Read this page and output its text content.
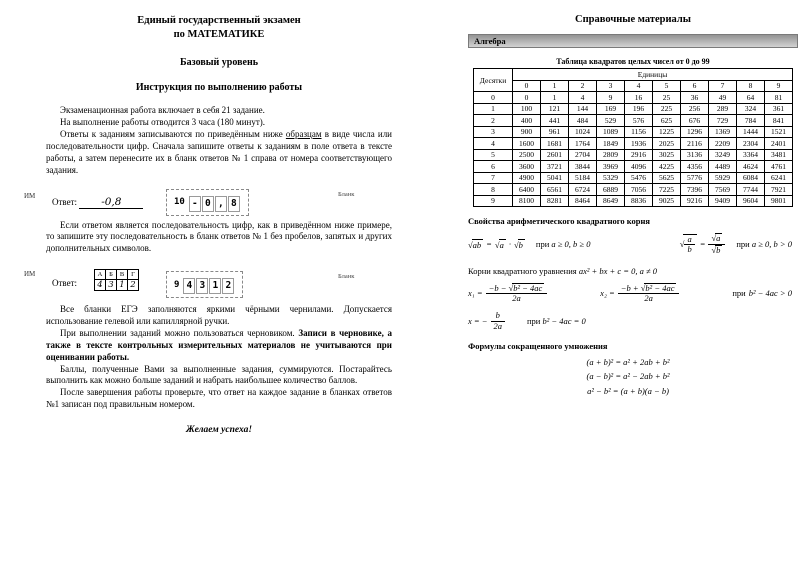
Единый государственный экзамен
по МАТЕМАТИКЕ
Базовый уровень
Инструкция по выполнению работы

Экзаменационная работа включает в себя 21 задание.

На выполнение работы отводится 3 часа (180 минут).

Ответы к заданиям записываются по приведённым ниже образцам в виде числа или последовательности цифр. Сначала запишите ответы к заданиям в поле ответа в тексте работы, а затем перенесите их в бланк ответов № 1 справа от номера соответствующего задания.

ИМ
Ответ: -0,8	10 - 0 , 8
Бланк

Если ответом является последовательность цифр, как в приведённом ниже примере, то запишите эту последовательность в бланк ответов № 1 без пробелов, запятых и других дополнительных символов.

ИМ
Ответ:
А	Б	В	Г
4	3	1	2	9 4 3 1 2
Бланк

Все бланки ЕГЭ заполняются яркими чёрными чернилами. Допускается использование гелевой или капиллярной ручки.

При выполнении заданий можно пользоваться черновиком. Записи в черновике, а также в тексте контрольных измерительных материалов не учитываются при оценивании работы.

Баллы, полученные Вами за выполненные задания, суммируются. Постарайтесь выполнить как можно больше заданий и набрать наибольшее количество баллов.

После завершения работы проверьте, что ответ на каждое задание в бланках ответов №1 записан под правильным номером.

Желаем успеха!
Справочные материалы
Алгебра
Таблица квадратов целых чисел от 0 до 99
Десятки	Единицы									
	0	1	2	3	4	5	6	7	8	9
0	0	1	4	9	16	25	36	49	64	81
1	100	121	144	169	196	225	256	289	324	361
2	400	441	484	529	576	625	676	729	784	841
3	900	961	1024	1089	1156	1225	1296	1369	1444	1521
4	1600	1681	1764	1849	1936	2025	2116	2209	2304	2401
5	2500	2601	2704	2809	2916	3025	3136	3249	3364	3481
6	3600	3721	3844	3969	4096	4225	4356	4489	4624	4761
7	4900	5041	5184	5329	5476	5625	5776	5929	6084	6241
8	6400	6561	6724	6889	7056	7225	7396	7569	7744	7921
9	8100	8281	8464	8649	8836	9025	9216	9409	9604	9801
Свойства арифметического квадратного корня
√ab = √a · √b при a ≥ 0, b ≥ 0	√ $\frac{a}{b} = \frac{√a}{√b}$ при a ≥ 0, b > 0
Корни квадратного уравнения ax² + bx + c = 0, a ≠ 0
$x_1 = \frac{\text{−b − √b² − 4ac}}{2a}$	$x_2 = \frac{\text{−b + √b² − 4ac}}{2a}$	при b² − 4ac > 0
x = − $\frac{b}{2a}$	при b² − 4ac = 0
Формулы сокращенного умножения
(a + b)² = a² + 2ab + b²
(a − b)² = a² − 2ab + b²
a² − b² = (a + b)(a − b)
